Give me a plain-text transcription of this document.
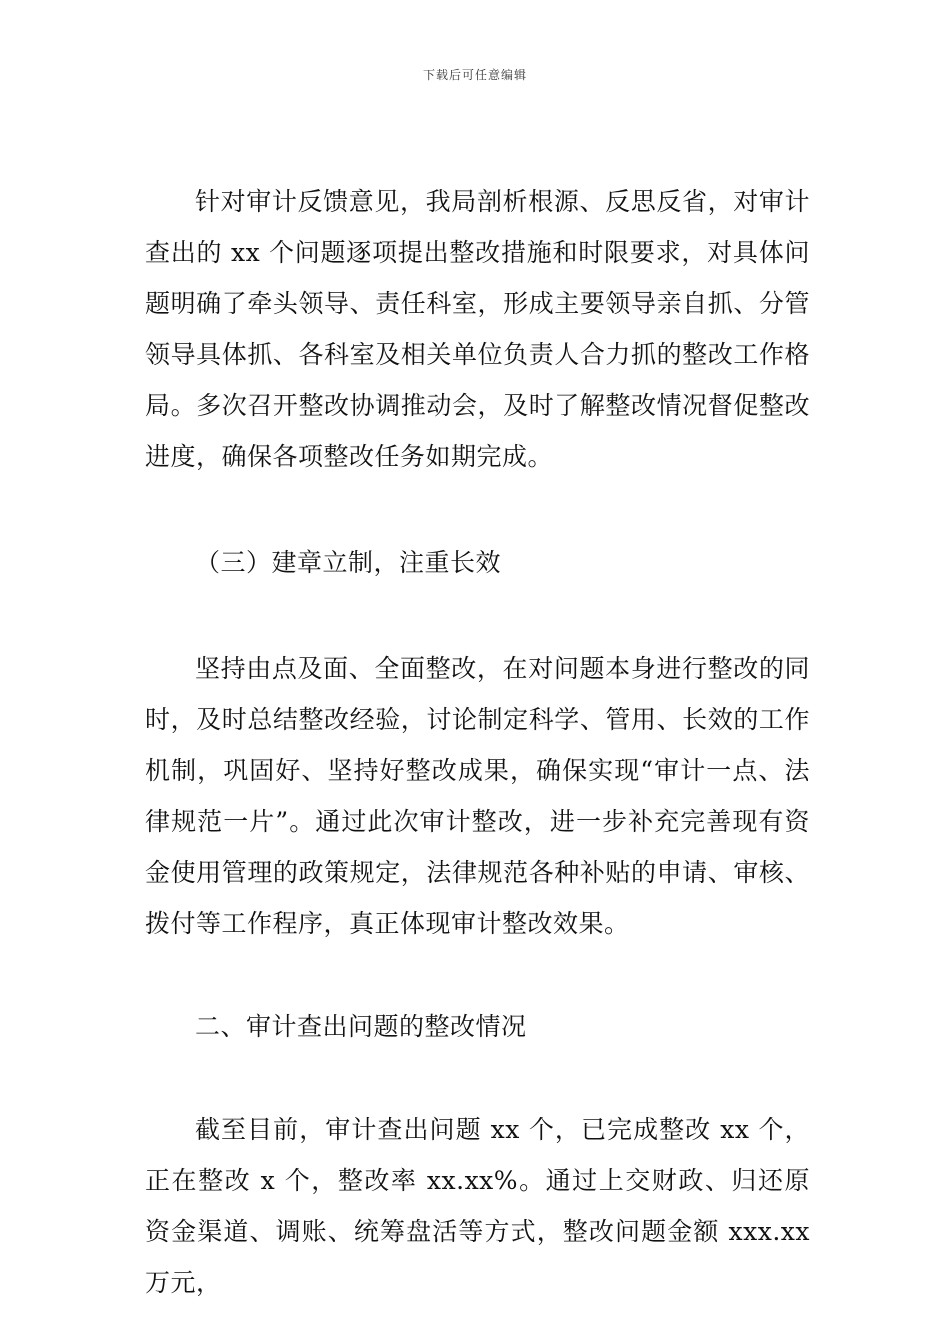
下载后可任意编辑

针对审计反馈意见，我局剖析根源、反思反省，对审计查出的 xx 个问题逐项提出整改措施和时限要求，对具体问题明确了牵头领导、责任科室，形成主要领导亲自抓、分管领导具体抓、各科室及相关单位负责人合力抓的整改工作格局。多次召开整改协调推动会，及时了解整改情况督促整改进度，确保各项整改任务如期完成。

（三）建章立制，注重长效

坚持由点及面、全面整改，在对问题本身进行整改的同时，及时总结整改经验，讨论制定科学、管用、长效的工作机制，巩固好、坚持好整改成果，确保实现“审计一点、法律规范一片”。通过此次审计整改，进一步补充完善现有资金使用管理的政策规定，法律规范各种补贴的申请、审核、拨付等工作程序，真正体现审计整改效果。

二、审计查出问题的整改情况

截至目前，审计查出问题 xx 个，已完成整改 xx 个，正在整改 x 个，整改率 xx.xx%。通过上交财政、归还原资金渠道、调账、统筹盘活等方式，整改问题金额 xxx.xx 万元，
